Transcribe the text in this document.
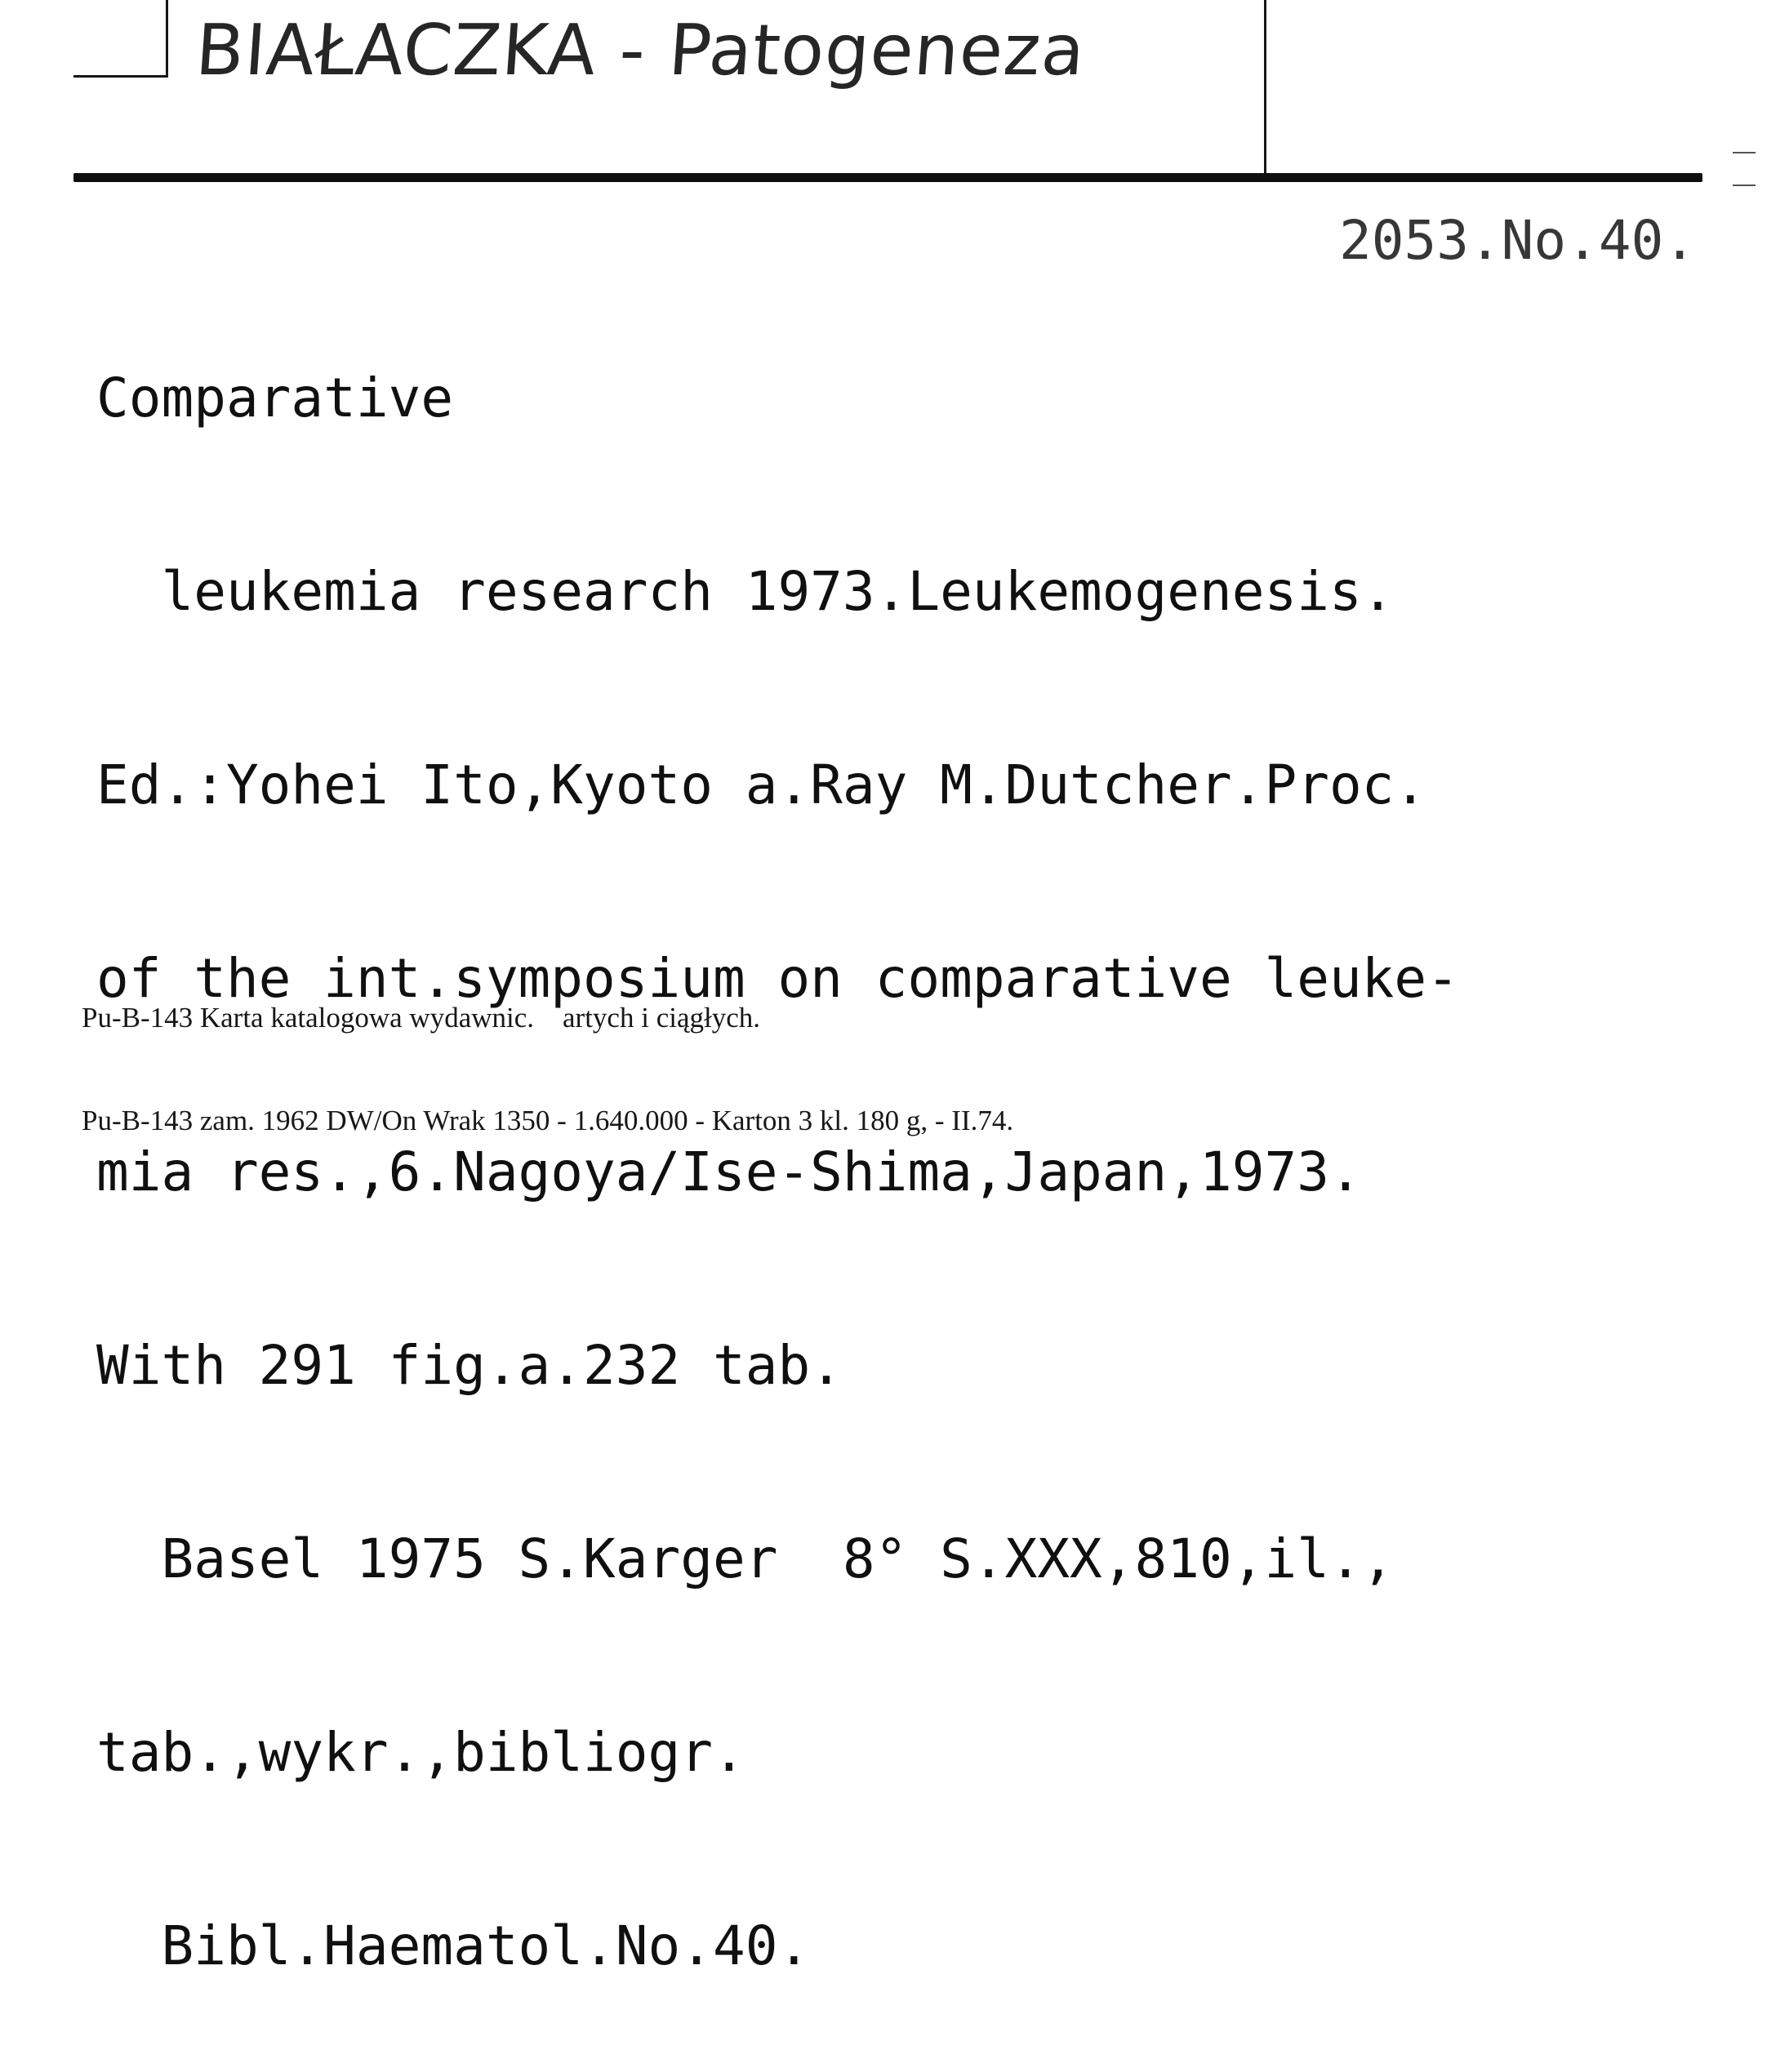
BIAŁACZKA - Patogeneza
2053.No.40.

Comparative

leukemia research 1973.Leukemogenesis.

Ed.:Yohei Ito,Kyoto a.Ray M.Dutcher.Proc.

of the int.symposium on comparative leuke-

mia res.,6.Nagoya/Ise-Shima,Japan,1973.

With 291 fig.a.232 tab.

Basel 1975 S.Karger  8° S.XXX,810,il.,

tab.,wykr.,bibliogr.

Bibl.Haematol.No.40.

Pu-B-143 Karta katalogowa wydawnic.    artych i ciągłych.

Pu-B-143 zam. 1962 DW/On Wrak 1350 - 1.640.000 - Karton 3 kl. 180 g, - II.74.
